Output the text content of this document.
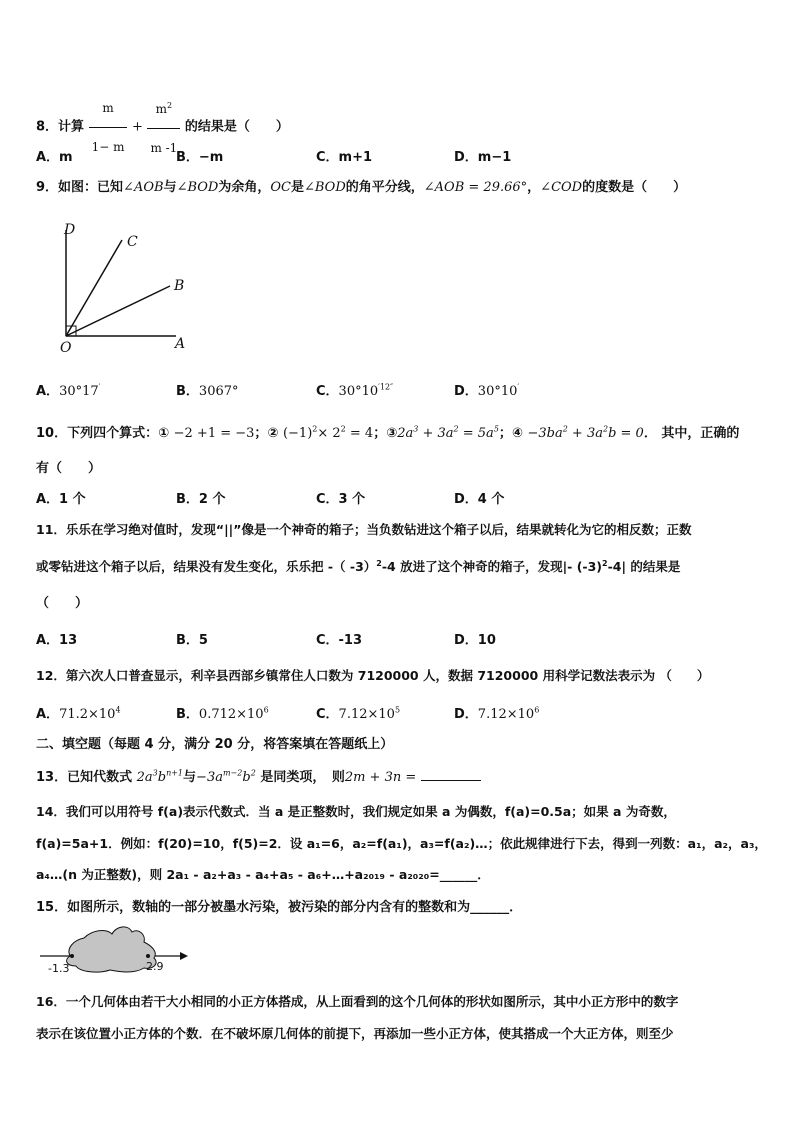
8．计算 $\frac{m}{1- m} + \frac{m^2}{m -1}$ 的结果是（　　）
A．m	B．−m	C．m+1	D．m−1
9．如图：已知∠AOB与∠BOD为余角，OC是∠BOD的角平分线，∠AOB = 29.66°，∠COD的度数是（　　）
D
C
B
O	A
A．30°17′	B．3067°	C．$30^\circ 10^{'12''}$	D．30°10′
10．下列四个算式：① −2 +1 = −3；② $(-1)^2\times 2^2 = 4$；$③2a^3 + 3a^2 = 5a^5$；④ $-3ba^2 + 3a^2b = 0$． 其中，正确的
有（　　）
A．1 个	B．2 个	C．3 个	D．4 个
11．乐乐在学习绝对值时，发现“||”像是一个神奇的箱子；当负数钻进这个箱子以后，结果就转化为它的相反数；正数
或零钻进这个箱子以后，结果没有发生变化，乐乐把 -（ -3）$^2$-4 放进了这个神奇的箱子，发现|- $(-3)^2-4|$ 的结果是
（　　）
A．13	B．5	C．-13	D．10
12．第六次人口普查显示，利辛县西部乡镇常住人口数为 7120000 人，数据 7120000 用科学记数法表示为 （　　）
A．$71.2\times 10^4$	B．$0.712\times 10^6$	C．$7.12\times 10^5$	D．$7.12\times 10^6$
二、填空题（每题 4 分，满分 20 分，将答案填在答题纸上）
13．已知代数式 $2a^3b^{n+1}$与$-3a^{m-2}b^2$ 是同类项，　则2m + 3n =
14．我们可以用符号 f(a)表示代数式．当 a 是正整数时，我们规定如果 a 为偶数，f(a)=0.5a；如果 a 为奇数，
f(a)=5a+1．例如：f(20)=10，f(5)=2．设 a₁=6，a₂=f(a₁)，a₃=f(a₂)…；依此规律进行下去，得到一列数：a₁，a₂，a₃，
a₄…(n 为正整数)，则 2a₁ - a₂+a₃ - a₄+a₅ - a₆+…+a₂₀₁₉ - a₂₀₂₀=______．
15．如图所示，数轴的一部分被墨水污染，被污染的部分内含有的整数和为______．
-1.3	2.9
16．一个几何体由若干大小相同的小正方体搭成，从上面看到的这个几何体的形状如图所示，其中小正方形中的数字
表示在该位置小正方体的个数．在不破坏原几何体的前提下，再添加一些小正方体，使其搭成一个大正方体，则至少
